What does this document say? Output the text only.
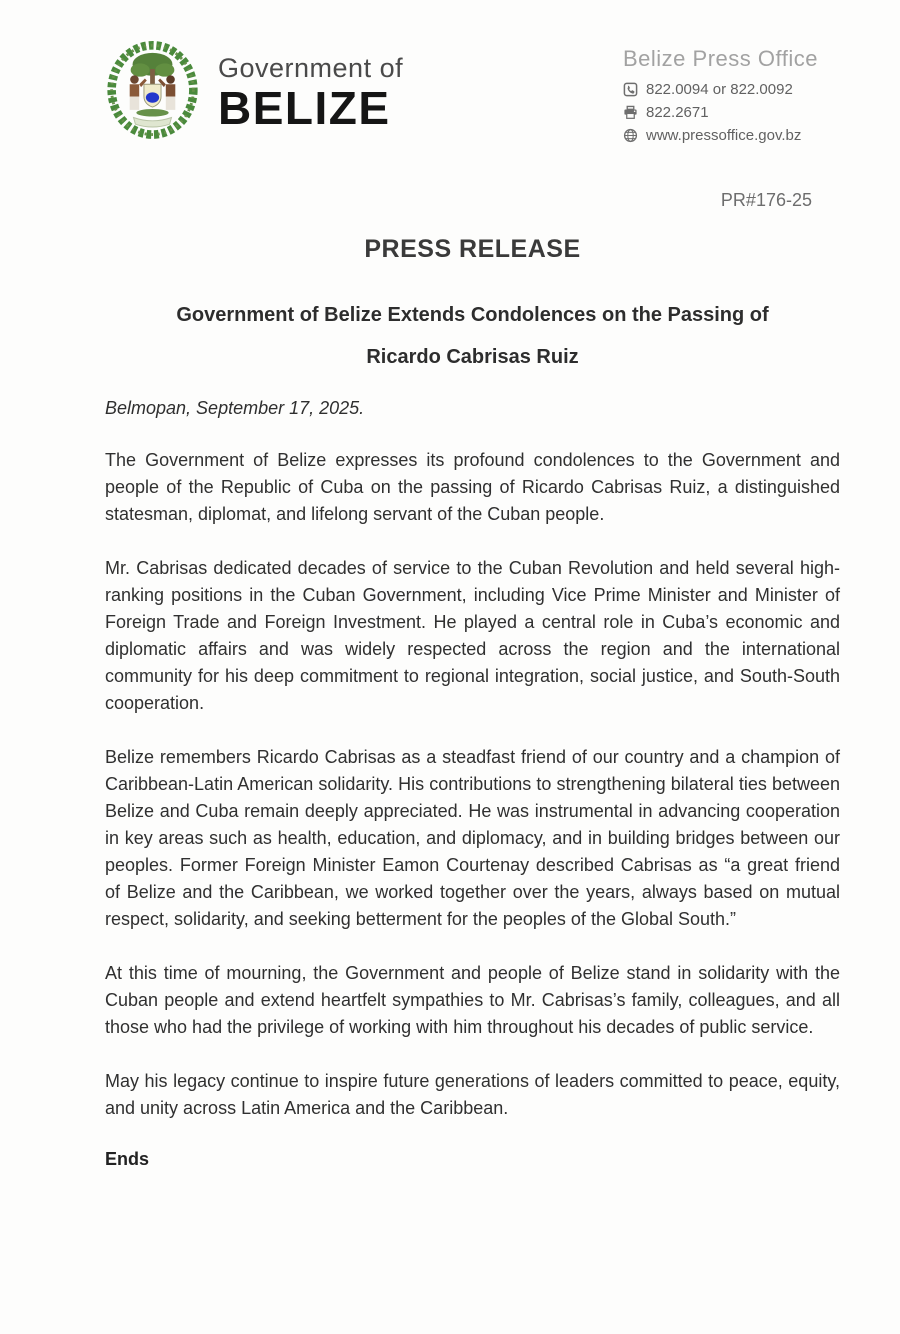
Government of
BELIZE
Belize Press Office
822.0094 or 822.0092
822.2671
www.pressoffice.gov.bz
PR#176-25
PRESS RELEASE
Government of Belize Extends Condolences on the Passing of
Ricardo Cabrisas Ruiz
Belmopan, September 17, 2025.

The Government of Belize expresses its profound condolences to the Government and people of the Republic of Cuba on the passing of Ricardo Cabrisas Ruiz, a distinguished statesman, diplomat, and lifelong servant of the Cuban people.

Mr. Cabrisas dedicated decades of service to the Cuban Revolution and held several high-ranking positions in the Cuban Government, including Vice Prime Minister and Minister of Foreign Trade and Foreign Investment. He played a central role in Cuba’s economic and diplomatic affairs and was widely respected across the region and the international community for his deep commitment to regional integration, social justice, and South-South cooperation.

Belize remembers Ricardo Cabrisas as a steadfast friend of our country and a champion of Caribbean-Latin American solidarity. His contributions to strengthening bilateral ties between Belize and Cuba remain deeply appreciated. He was instrumental in advancing cooperation in key areas such as health, education, and diplomacy, and in building bridges between our peoples. Former Foreign Minister Eamon Courtenay described Cabrisas as “a great friend of Belize and the Caribbean, we worked together over the years, always based on mutual respect, solidarity, and seeking betterment for the peoples of the Global South.”

At this time of mourning, the Government and people of Belize stand in solidarity with the Cuban people and extend heartfelt sympathies to Mr. Cabrisas’s family, colleagues, and all those who had the privilege of working with him throughout his decades of public service.

May his legacy continue to inspire future generations of leaders committed to peace, equity, and unity across Latin America and the Caribbean.

Ends
